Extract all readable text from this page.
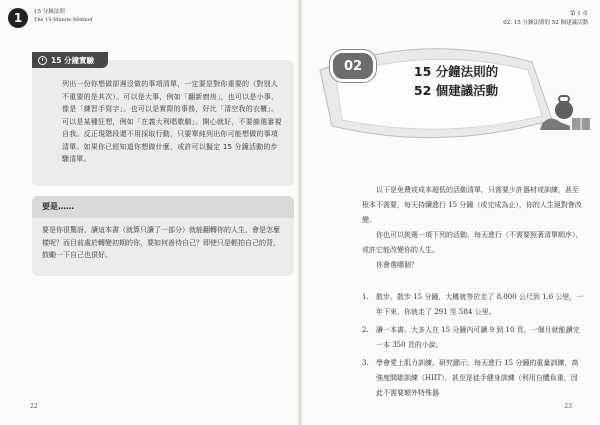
1	15 分鐘法則
The 15-Minute Method
15 分鐘實驗
列出一份你想做卻遲沒做的事項清單，一定要是對你重要的（對別人不重要的是其次）。可以是大事，例如「翻新廚房」，也可以是小事，像是「練習手寫字」。也可以是實際的事務，好比「清空我的衣櫃」。可以是某種狂想，例如「在義大利唱歌劇」。開心就好，不要篩選審視自我。反正現階段還不用採取行動，只要單純列出你可能想做的事項清單。如果你已經知道你想做什麼，或許可以擬定 15 分鐘活動的步驟清單。
要是……
要是你很驚訝，讀這本書（就算只讀了一部分）就能翻轉你的人生，會是怎麼樣呢？而目前處於轉變初期的你，要如何善待自己？即使只是輕拍自己的背，鼓勵一下自己也很好。
22
第 1 章
02. 15 分鐘法則的 52 個建議活動
02	15 分鐘法則的
52 個建議活動

以下是免費或成本超低的活動清單，只需要少許器材或訓練，甚至根本不需要，每天持續進行 15 分鐘（或完成為止），你的人生絕對會改變。

你也可以挑選一項下列的活動，每天進行（不需要照著清單順序），或許它能改變你的人生。

你會選哪個？

1.	散步。散步 15 分鐘，大概就等於走了 8,000 公尺到 1.6 公里，一年下來，你就走了 291 至 584 公里。
2.	讀一本書。大多人在 15 分鐘內可讀 9 到 10 頁，一個月就能讀完一本 350 頁的小說。
3.	學會愛上肌力訓練。研究顯示，每天進行 15 分鐘的重量訓練，高強度間歇訓練（HIIT），甚至是徒手健身訓練（利用自體負重，因此不需要額外特殊器
23
